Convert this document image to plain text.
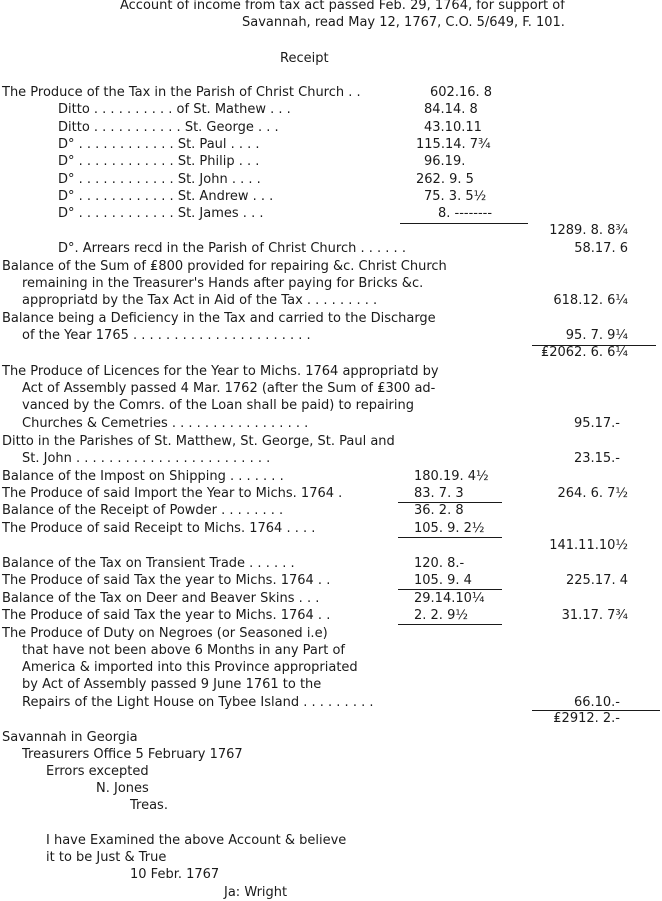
Account of income from tax act passed Feb. 29, 1764, for support of
Savannah, read May 12, 1767, C.O. 5/649, F. 101.
Receipt
The Produce of the Tax in the Parish of Christ Church . .	602.16. 8
Ditto . . . . . . . . . . of St. Mathew . . .	84.14. 8
Ditto . . . . . . . . . . . St. George . . .	43.10.11
D° . . . . . . . . . . . . St. Paul . . . .	115.14. 7¾
D° . . . . . . . . . . . . St. Philip . . .	96.19.
D° . . . . . . . . . . . . St. John . . . .	262. 9. 5
D° . . . . . . . . . . . . St. Andrew . . .	75. 3. 5½
D° . . . . . . . . . . . . St. James . . .	8. --------
1289. 8. 8¾
D°. Arrears recd in the Parish of Christ Church . . . . . .	58.17. 6
Balance of the Sum of ₤800 provided for repairing &c. Christ Church
remaining in the Treasurer's Hands after paying for Bricks &c.
appropriatd by the Tax Act in Aid of the Tax . . . . . . . . .	618.12. 6¼
Balance being a Deficiency in the Tax and carried to the Discharge
of the Year 1765 . . . . . . . . . . . . . . . . . . . . . .	95. 7. 9¼
₤2062. 6. 6¼
The Produce of Licences for the Year to Michs. 1764 appropriatd by
Act of Assembly passed 4 Mar. 1762 (after the Sum of ₤300 ad-
vanced by the Comrs. of the Loan shall be paid) to repairing
Churches & Cemetries . . . . . . . . . . . . . . . . .	95.17.-
Ditto in the Parishes of St. Matthew, St. George, St. Paul and
St. John . . . . . . . . . . . . . . . . . . . . . . . .	23.15.-
Balance of the Impost on Shipping . . . . . . .	180.19. 4½
The Produce of said Import the Year to Michs. 1764 .	83. 7. 3	264. 6. 7½
Balance of the Receipt of Powder . . . . . . . .	36. 2. 8
The Produce of said Receipt to Michs. 1764 . . . .	105. 9. 2½
141.11.10½
Balance of the Tax on Transient Trade . . . . . .	120. 8.-
The Produce of said Tax the year to Michs. 1764 . .	105. 9. 4	225.17. 4
Balance of the Tax on Deer and Beaver Skins . . .	29.14.10¼
The Produce of said Tax the year to Michs. 1764 . .	2. 2. 9½	31.17. 7¾
The Produce of Duty on Negroes (or Seasoned i.e)
that have not been above 6 Months in any Part of
America & imported into this Province appropriated
by Act of Assembly passed 9 June 1761 to the
Repairs of the Light House on Tybee Island . . . . . . . . .	66.10.-
₤2912. 2.-
Savannah in Georgia
Treasurers Office 5 February 1767
Errors excepted
N. Jones
Treas.
I have Examined the above Account & believe
it to be Just & True
10 Febr. 1767
Ja: Wright
